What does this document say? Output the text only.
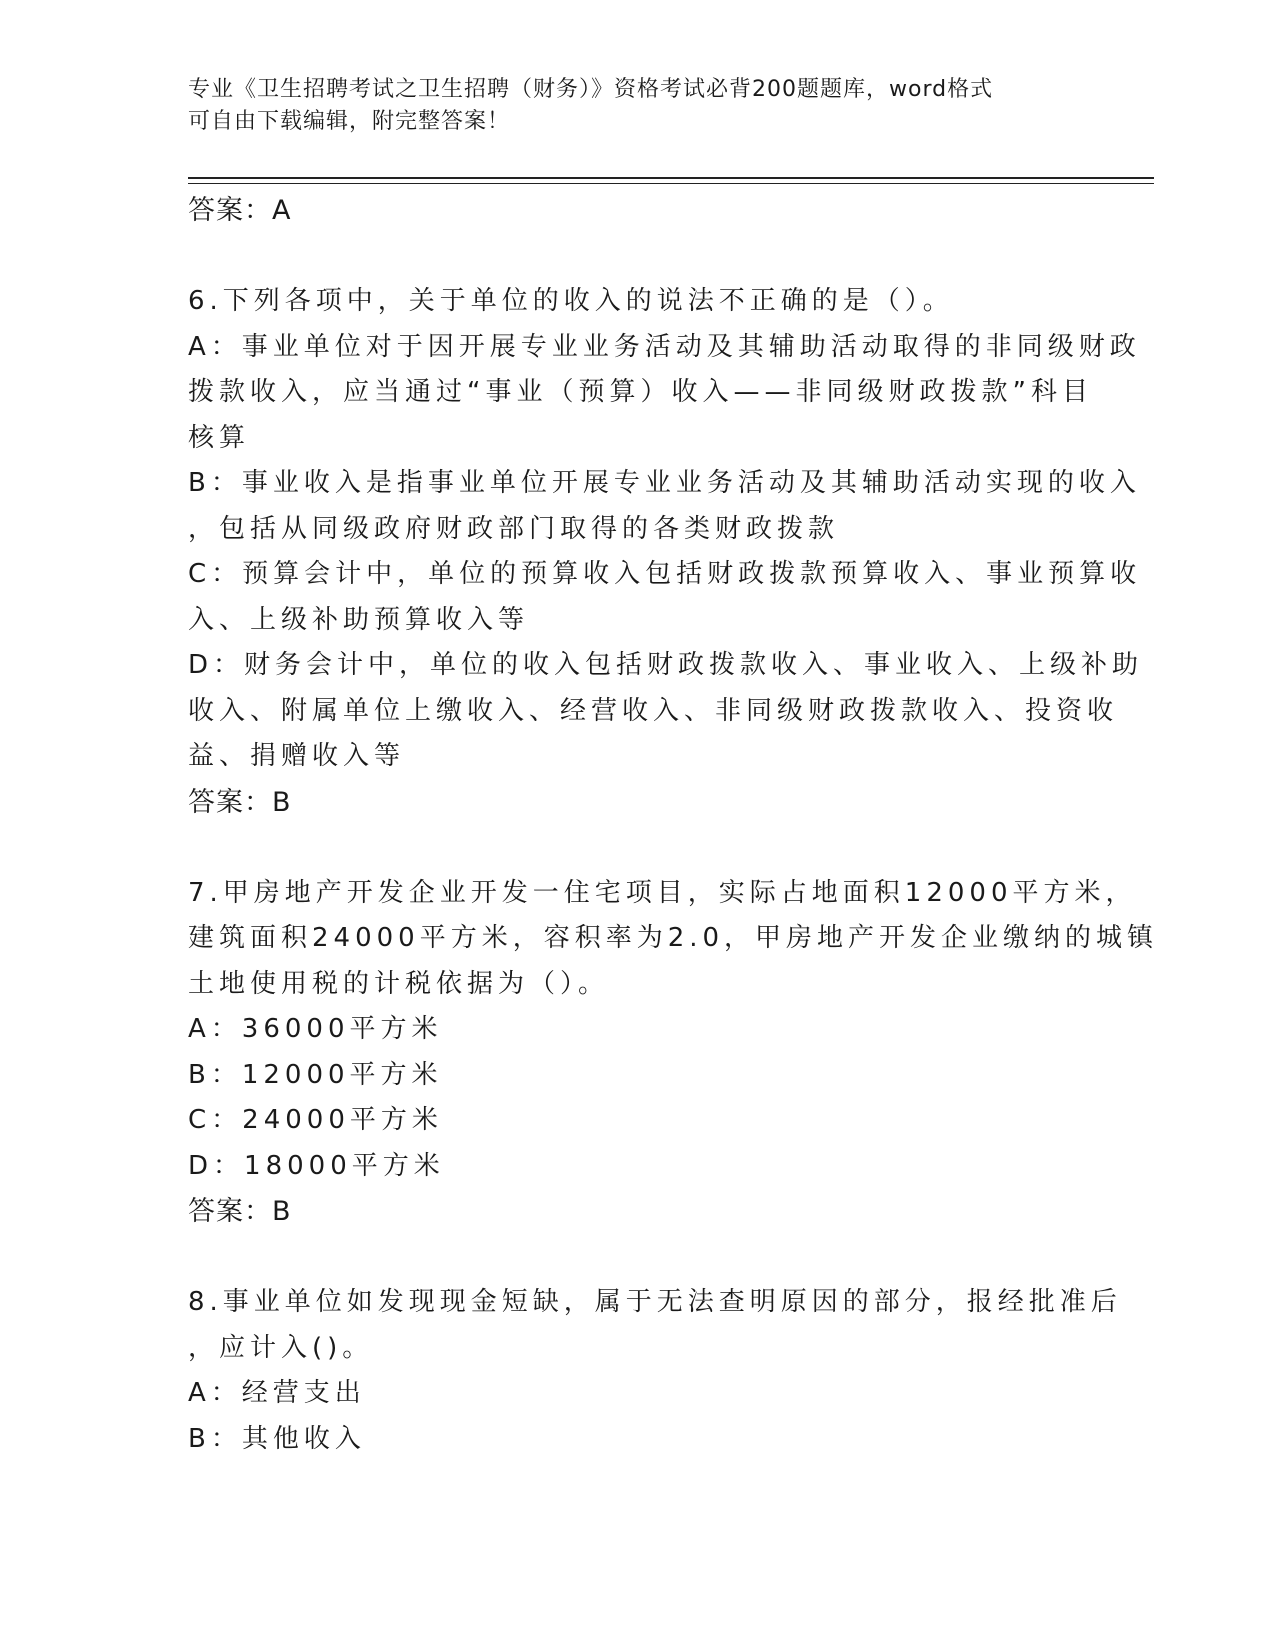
专业《卫生招聘考试之卫生招聘（财务）》资格考试必背200题题库，word格式
可自由下载编辑，附完整答案！
答案：A
6.下列各项中，关于单位的收入的说法不正确的是（）。
A：事业单位对于因开展专业业务活动及其辅助活动取得的非同级财政
拨款收入，应当通过“事业（预算）收入——非同级财政拨款”科目
核算
B：事业收入是指事业单位开展专业业务活动及其辅助活动实现的收入
，包括从同级政府财政部门取得的各类财政拨款
C：预算会计中，单位的预算收入包括财政拨款预算收入、事业预算收
入、上级补助预算收入等
D：财务会计中，单位的收入包括财政拨款收入、事业收入、上级补助
收入、附属单位上缴收入、经营收入、非同级财政拨款收入、投资收
益、捐赠收入等
答案：B
7.甲房地产开发企业开发一住宅项目，实际占地面积12000平方米，
建筑面积24000平方米，容积率为2.0，甲房地产开发企业缴纳的城镇
土地使用税的计税依据为（）。
A：36000平方米
B：12000平方米
C：24000平方米
D：18000平方米
答案：B
8.事业单位如发现现金短缺，属于无法查明原因的部分，报经批准后
，应计入()。
A：经营支出
B：其他收入
